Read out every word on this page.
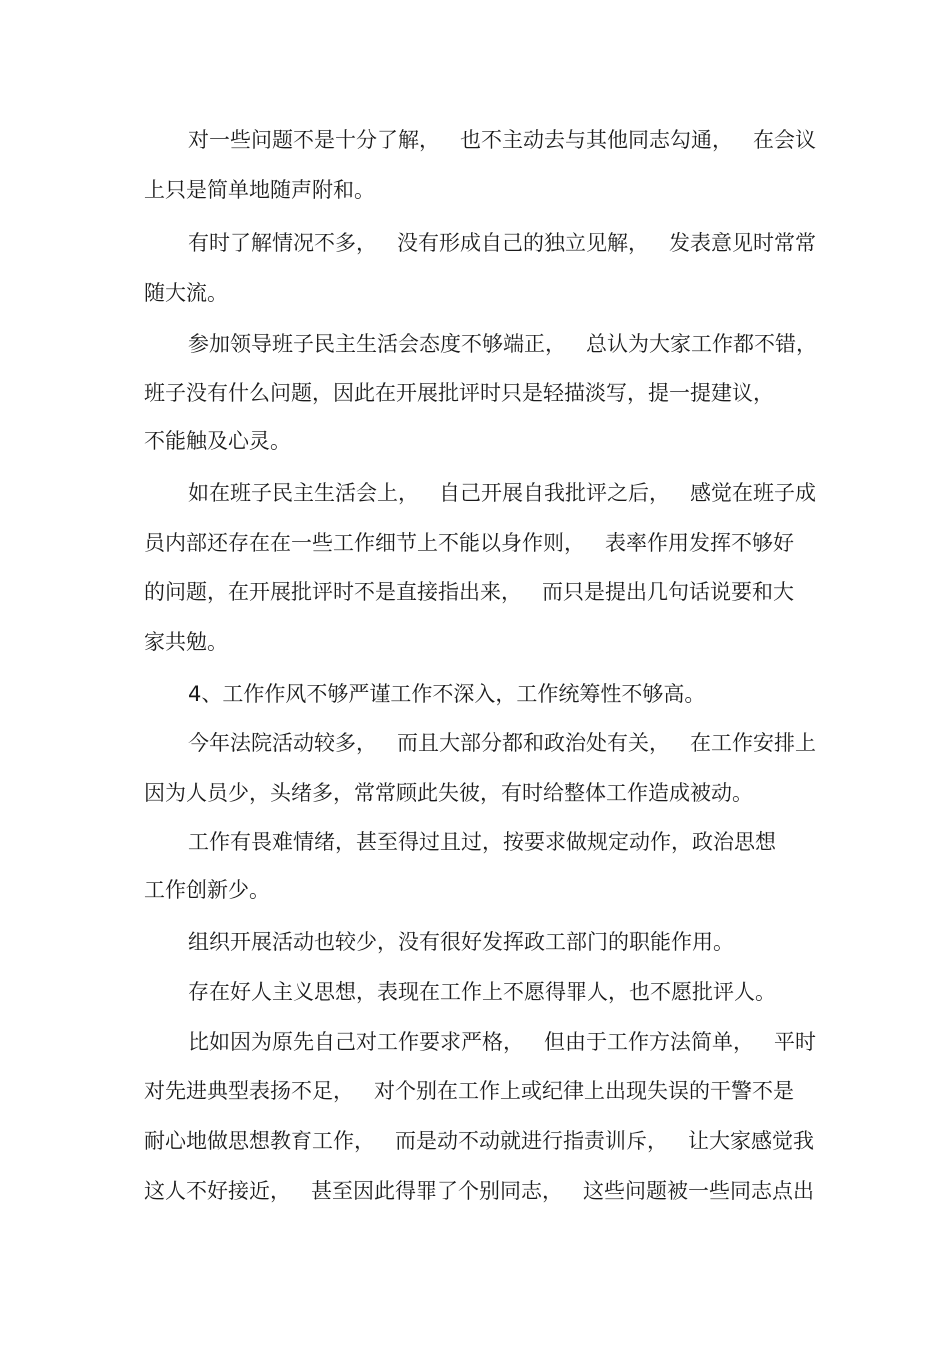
对一些问题不是十分了解，   也不主动去与其他同志勾通，   在会议
上只是简单地随声附和。
有时了解情况不多，   没有形成自己的独立见解，   发表意见时常常
随大流。
参加领导班子民主生活会态度不够端正，   总认为大家工作都不错，
班子没有什么问题，因此在开展批评时只是轻描淡写，提一提建议，
不能触及心灵。
如在班子民主生活会上，   自己开展自我批评之后，   感觉在班子成
员内部还存在在一些工作细节上不能以身作则，   表率作用发挥不够好
的问题，在开展批评时不是直接指出来，   而只是提出几句话说要和大
家共勉。
4、工作作风不够严谨工作不深入，工作统筹性不够高。
今年法院活动较多，   而且大部分都和政治处有关，   在工作安排上
因为人员少，头绪多，常常顾此失彼，有时给整体工作造成被动。
工作有畏难情绪，甚至得过且过，按要求做规定动作，政治思想
工作创新少。
组织开展活动也较少，没有很好发挥政工部门的职能作用。
存在好人主义思想，表现在工作上不愿得罪人，也不愿批评人。
比如因为原先自己对工作要求严格，   但由于工作方法简单，   平时
对先进典型表扬不足，   对个别在工作上或纪律上出现失误的干警不是
耐心地做思想教育工作，   而是动不动就进行指责训斥，   让大家感觉我
这人不好接近，   甚至因此得罪了个别同志，   这些问题被一些同志点出
